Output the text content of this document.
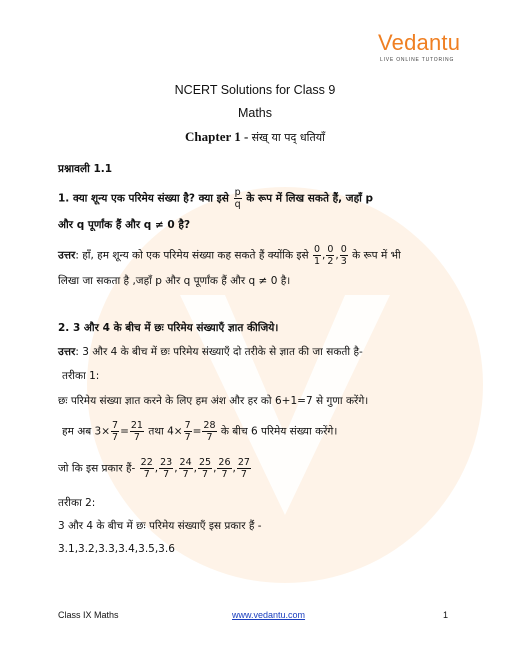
Vedantu
LIVE ONLINE TUTORING
NCERT Solutions for Class 9
Maths
Chapter 1 - संख् या पद् धतियाँ
प्रश्नावली 1.1
1. क्या शून्य एक परिमेय संख्या है? क्या इसे $\frac{p}{q}$ के रूप में लिख सकते हैं, जहाँ p
और q पूर्णांक हैं और q ≠ 0 है?
उत्तर: हाँ, हम शून्य को एक परिमेय संख्या कह सकते हैं क्योंकि इसे $\frac{0}{1}$ , $\frac{0}{2}$ , $\frac{0}{3}$ के रूप में भी
लिखा जा सकता है ,जहाँ p और q पूर्णांक हैं और q ≠ 0 है।
2. 3 और 4 के बीच में छः परिमेय संख्याएँ ज्ञात कीजिये।
उत्तर: 3 और 4 के बीच में छः परिमेय संख्याएँ दो तरीके से ज्ञात की जा सकती है-
तरीका 1:
छः परिमेय संख्या ज्ञात करने के लिए हम अंश और हर को 6+1=7 से गुणा करेंगे।
हम अब $3\times \frac{7}{7} = \frac{21}{7}$ तथा $4\times \frac{7}{7} = \frac{28}{7}$ के बीच 6 परिमेय संख्या करेंगे।
जो कि इस प्रकार हैं- $\frac{22}{7}$ , $\frac{23}{7}$ , $\frac{24}{7}$ , $\frac{25}{7}$ , $\frac{26}{7}$ , $\frac{27}{7}$
तरीका 2:
3 और 4 के बीच में छः परिमेय संख्याएँ इस प्रकार हैं -
3.1,3.2,3.3,3.4,3.5,3.6
Class IX Maths	www.vedantu.com	1
